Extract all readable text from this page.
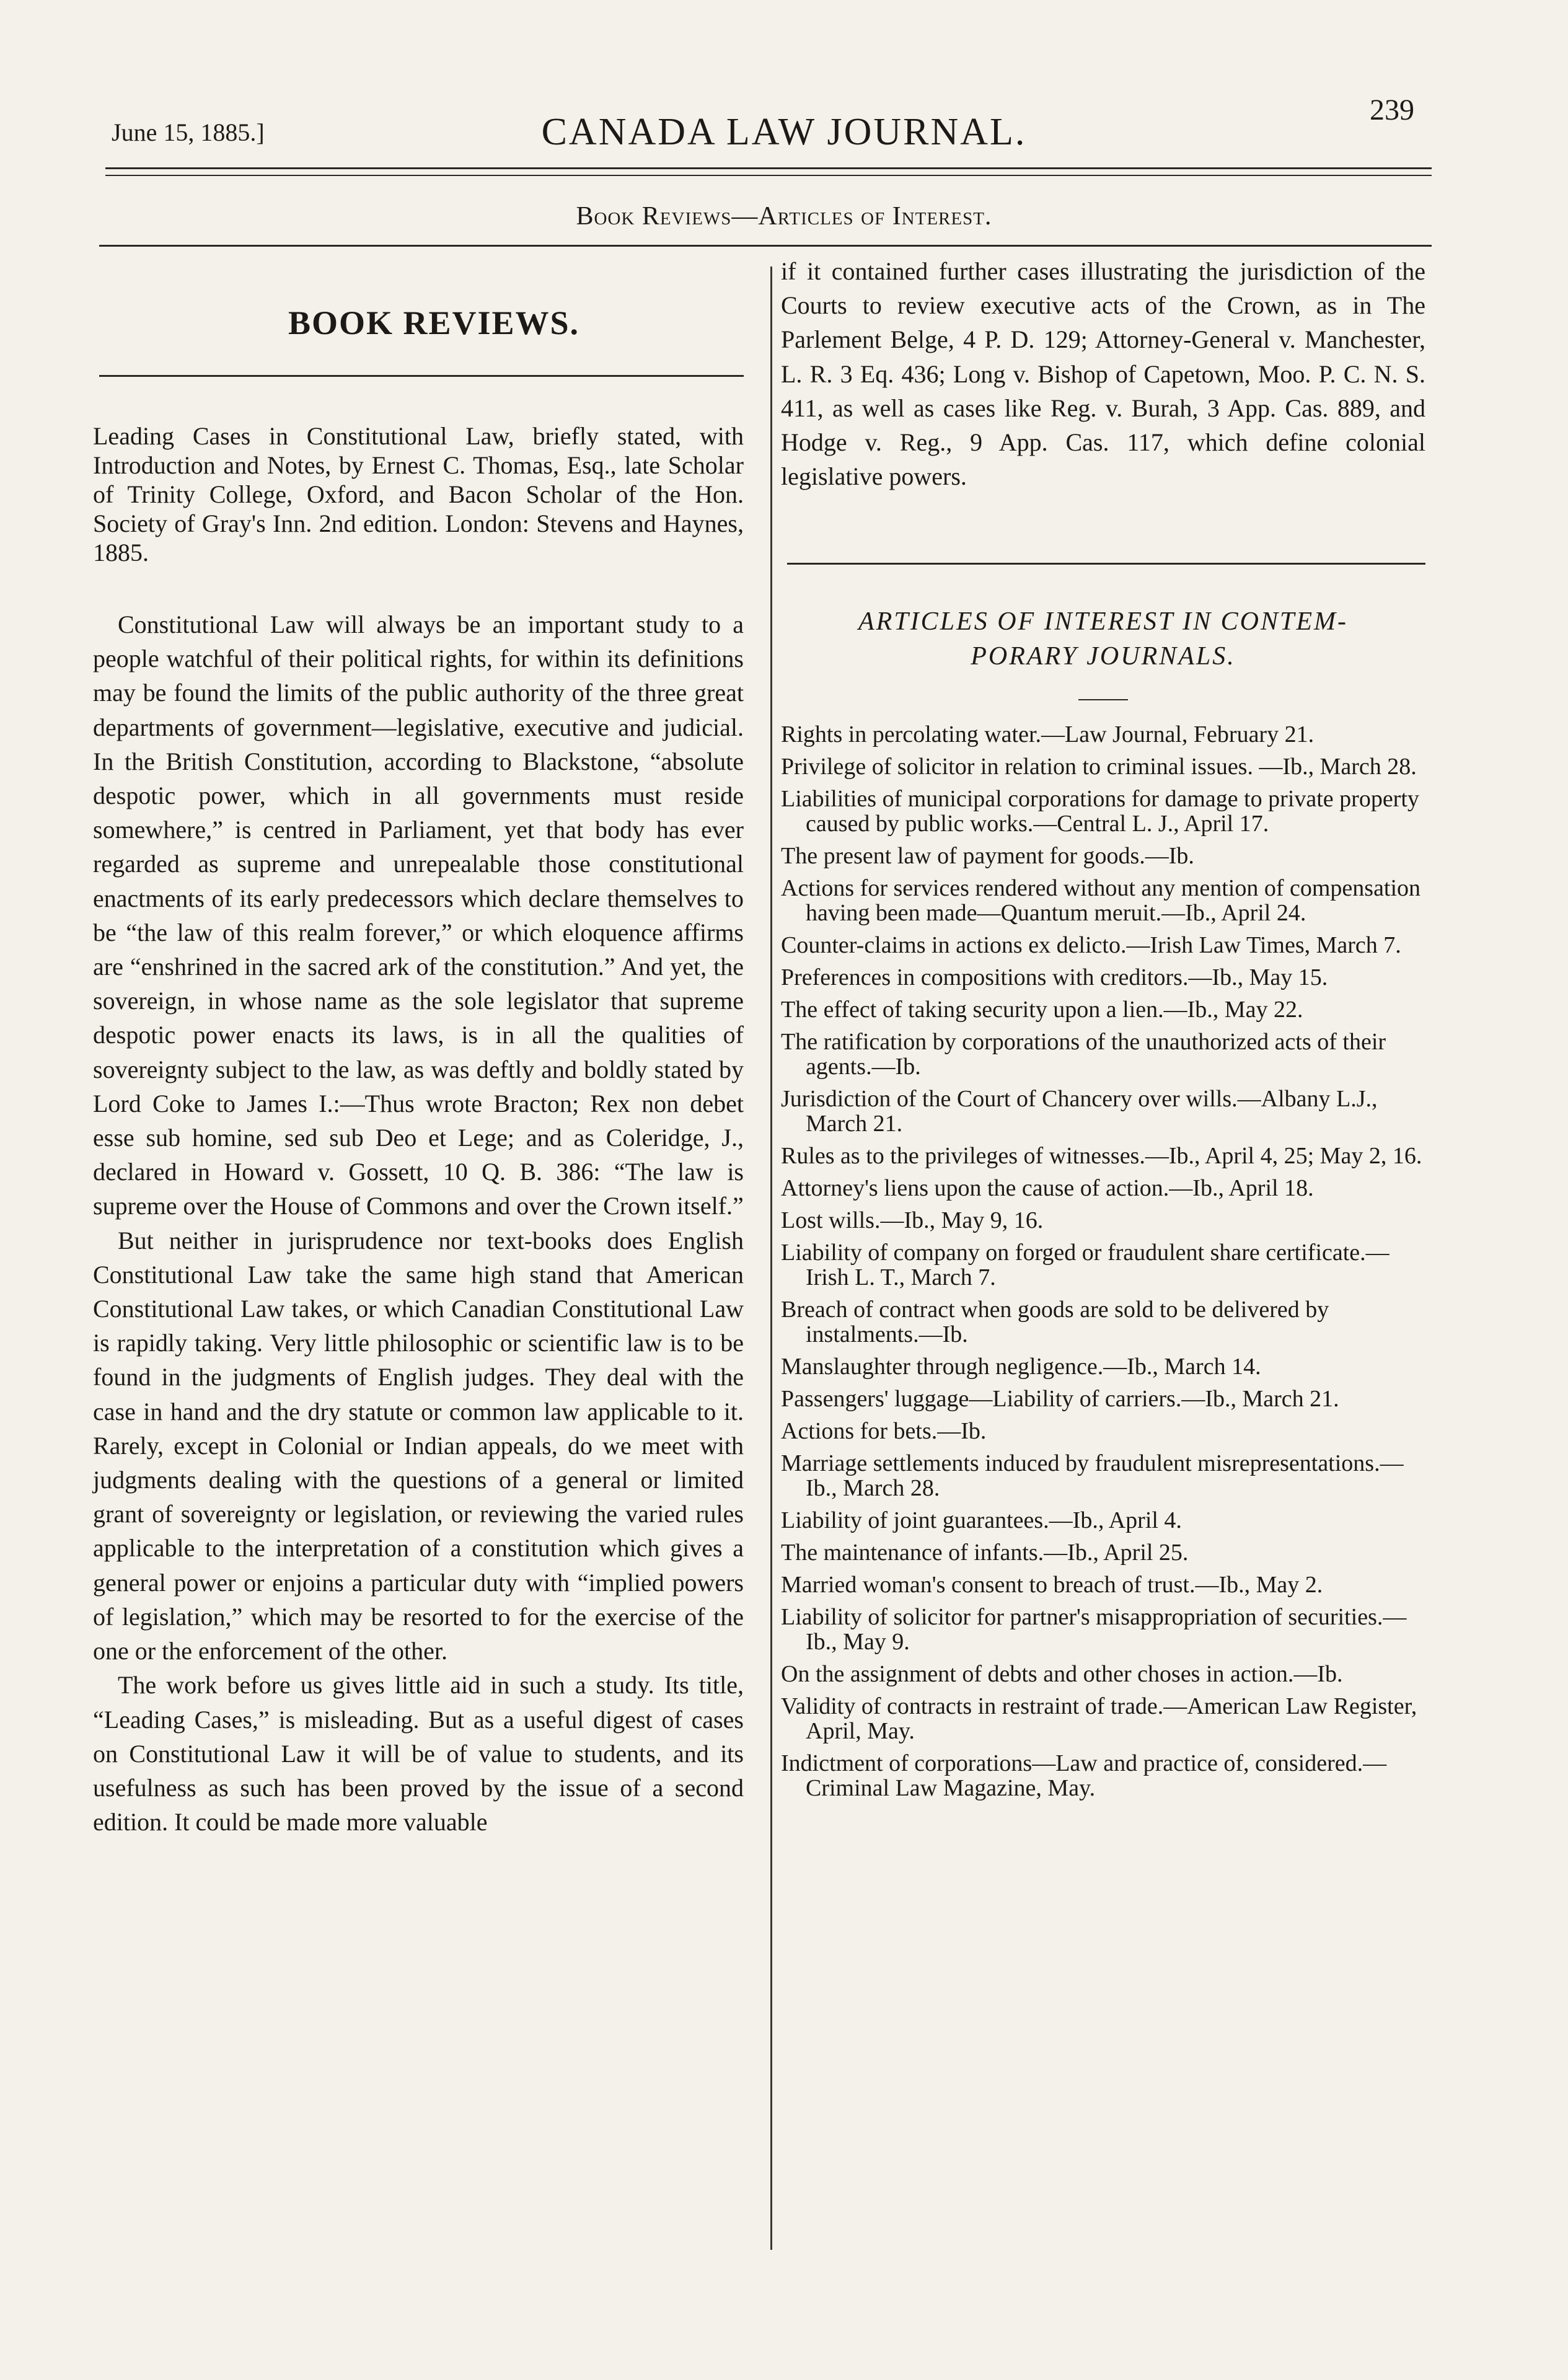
June 15, 1885.]	CANADA LAW JOURNAL.
239
Book Reviews—Articles of Interest.
BOOK REVIEWS.
Leading Cases in Constitutional Law, briefly stated, with Introduction and Notes, by Ernest C. Thomas, Esq., late Scholar of Trinity College, Oxford, and Bacon Scholar of the Hon. Society of Gray's Inn. 2nd edition. London: Stevens and Haynes, 1885.

Constitutional Law will always be an important study to a people watchful of their political rights, for within its definitions may be found the limits of the public authority of the three great departments of government—legislative, executive and judicial. In the British Constitution, according to Blackstone, “absolute despotic power, which in all governments must reside somewhere,” is centred in Parliament, yet that body has ever regarded as supreme and unrepealable those constitutional enactments of its early predecessors which declare themselves to be “the law of this realm forever,” or which eloquence affirms are “enshrined in the sacred ark of the constitution.” And yet, the sovereign, in whose name as the sole legislator that supreme despotic power enacts its laws, is in all the qualities of sovereignty subject to the law, as was deftly and boldly stated by Lord Coke to James I.:—Thus wrote Bracton; Rex non debet esse sub homine, sed sub Deo et Lege; and as Coleridge, J., declared in Howard v. Gossett, 10 Q. B. 386: “The law is supreme over the House of Commons and over the Crown itself.”

But neither in jurisprudence nor text-books does English Constitutional Law take the same high stand that American Constitutional Law takes, or which Canadian Constitutional Law is rapidly taking. Very little philosophic or scientific law is to be found in the judgments of English judges. They deal with the case in hand and the dry statute or common law applicable to it. Rarely, except in Colonial or Indian appeals, do we meet with judgments dealing with the questions of a general or limited grant of sovereignty or legislation, or reviewing the varied rules applicable to the interpretation of a constitution which gives a general power or enjoins a particular duty with “implied powers of legislation,” which may be resorted to for the exercise of the one or the enforcement of the other.

The work before us gives little aid in such a study. Its title, “Leading Cases,” is misleading. But as a useful digest of cases on Constitutional Law it will be of value to students, and its usefulness as such has been proved by the issue of a second edition. It could be made more valuable

if it contained further cases illustrating the jurisdiction of the Courts to review executive acts of the Crown, as in The Parlement Belge, 4 P. D. 129; Attorney-General v. Manchester, L. R. 3 Eq. 436; Long v. Bishop of Capetown, Moo. P. C. N. S. 411, as well as cases like Reg. v. Burah, 3 App. Cas. 889, and Hodge v. Reg., 9 App. Cas. 117, which define colonial legislative powers.

ARTICLES OF INTEREST IN CONTEM-
PORARY JOURNALS.

Rights in percolating water.—Law Journal, February 21.

Privilege of solicitor in relation to criminal issues. —Ib., March 28.

Liabilities of municipal corporations for damage to private property caused by public works.—Central L. J., April 17.

The present law of payment for goods.—Ib.

Actions for services rendered without any mention of compensation having been made—Quantum meruit.—Ib., April 24.

Counter-claims in actions ex delicto.—Irish Law Times, March 7.

Preferences in compositions with creditors.—Ib., May 15.

The effect of taking security upon a lien.—Ib., May 22.

The ratification by corporations of the unauthorized acts of their agents.—Ib.

Jurisdiction of the Court of Chancery over wills.—Albany L.J., March 21.

Rules as to the privileges of witnesses.—Ib., April 4, 25; May 2, 16.

Attorney's liens upon the cause of action.—Ib., April 18.

Lost wills.—Ib., May 9, 16.

Liability of company on forged or fraudulent share certificate.—Irish L. T., March 7.

Breach of contract when goods are sold to be delivered by instalments.—Ib.

Manslaughter through negligence.—Ib., March 14.

Passengers' luggage—Liability of carriers.—Ib., March 21.

Actions for bets.—Ib.

Marriage settlements induced by fraudulent misrepresentations.—Ib., March 28.

Liability of joint guarantees.—Ib., April 4.

The maintenance of infants.—Ib., April 25.

Married woman's consent to breach of trust.—Ib., May 2.

Liability of solicitor for partner's misappropriation of securities.—Ib., May 9.

On the assignment of debts and other choses in action.—Ib.

Validity of contracts in restraint of trade.—American Law Register, April, May.

Indictment of corporations—Law and practice of, considered.—Criminal Law Magazine, May.
